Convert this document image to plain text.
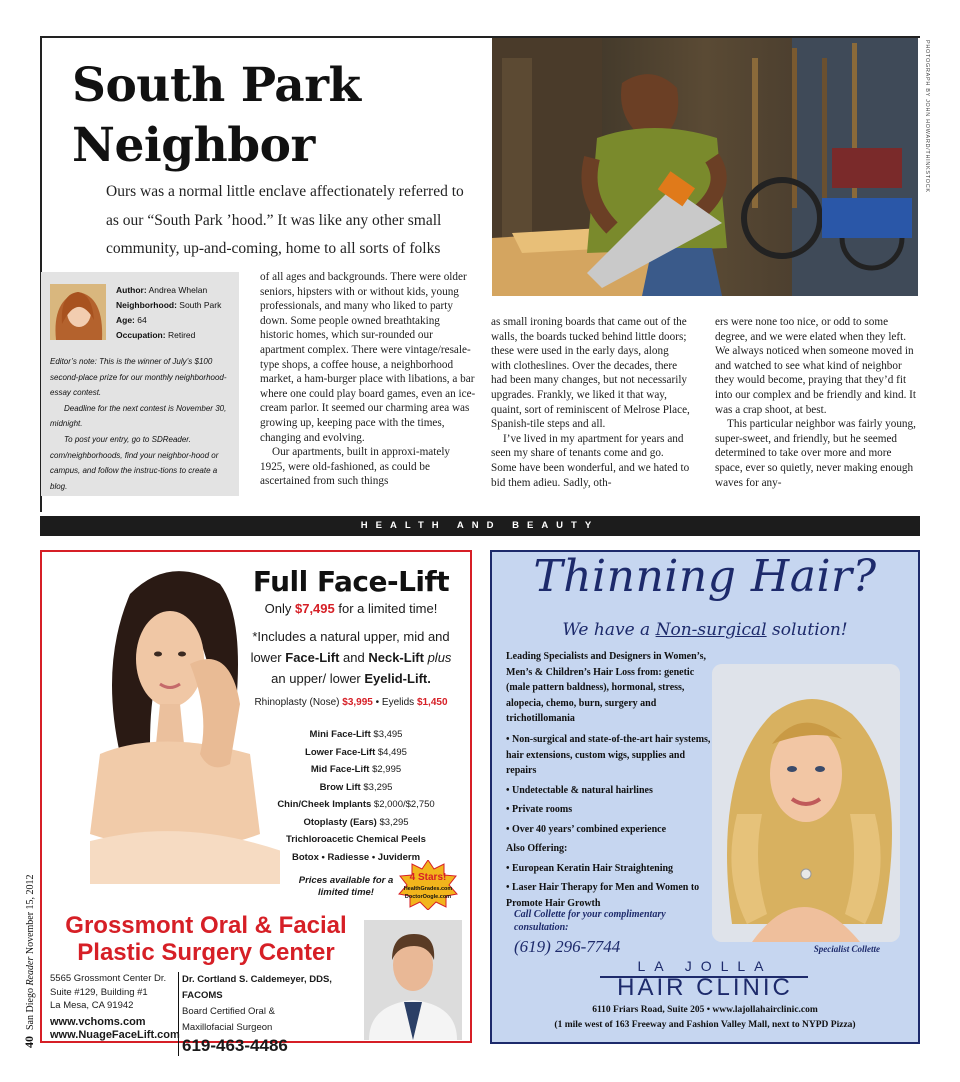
South Park
Neighbor
Ours was a normal little enclave affectionately referred to as our “South Park ’hood.” It was like any other small community, up-and-coming, home to all sorts of folks
PHOTOGRAPH BY JOHN HOWARD/THINKSTOCK
Author: Andrea Whelan
Neighborhood: South Park
Age: 64
Occupation: Retired

Editor’s note: This is the winner of July’s $100 second-place prize for our monthly neighborhood-essay contest.

Deadline for the next contest is November 30, midnight.

To post your entry, go to SDReader. com/neighborhoods, find your neighbor-hood or campus, and follow the instruc-tions to create a blog.

of all ages and backgrounds. There were older seniors, hipsters with or without kids, young professionals, and many who liked to party down. Some people owned breathtaking historic homes, which sur-rounded our apartment complex. There were vintage/resale-type shops, a coffee house, a neighborhood market, a ham-burger place with libations, a bar where one could play board games, even an ice-cream parlor. It seemed our charming area was growing up, keeping pace with the times, changing and evolving.

Our apartments, built in approxi-mately 1925, were old-fashioned, as could be ascertained from such things

as small ironing boards that came out of the walls, the boards tucked behind little doors; these were used in the early days, along with clotheslines. Over the decades, there had been many changes, but not necessarily upgrades. Frankly, we liked it that way, quaint, sort of reminiscent of Melrose Place, Spanish-tile steps and all.

I’ve lived in my apartment for years and seen my share of tenants come and go. Some have been wonderful, and we hated to bid them adieu. Sadly, oth-

ers were none too nice, or odd to some degree, and we were elated when they left. We always noticed when someone moved in and watched to see what kind of neighbor they would become, praying that they’d fit into our complex and be friendly and kind. It was a crap shoot, at best.

This particular neighbor was fairly young, super-sweet, and friendly, but he seemed determined to take over more and more space, ever so quietly, never making enough waves for any-

HEALTH AND BEAUTY
Full Face-Lift
Only $7,495 for a limited time!
*Includes a natural upper, mid and
lower Face-Lift and Neck-Lift plus
an upper/ lower Eyelid-Lift.
Rhinoplasty (Nose) $3,995 • Eyelids $1,450
Mini Face-Lift $3,495
Lower Face-Lift $4,495
Mid Face-Lift $2,995
Brow Lift $3,295
Chin/Cheek Implants $2,000/$2,750
Otoplasty (Ears) $3,295
Trichloroacetic Chemical Peels
Botox • Radiesse • Juviderm
Prices available for a limited time!
4 Stars!
HealthGrades.com
DoctorOogle.com
Grossmont Oral & Facial
Plastic Surgery Center
5565 Grossmont Center Dr.
Suite #129, Building #1
La Mesa, CA 91942
www.vchoms.com
www.NuageFaceLift.com
Dr. Cortland S. Caldemeyer, DDS, FACOMS
Board Certified Oral &
Maxillofacial Surgeon
619-463-4486
Thinning Hair?
We have a Non-surgical solution!
Leading Specialists and Designers in Women’s, Men’s & Children’s Hair Loss from: genetic (male pattern baldness), hormonal, stress, alopecia, chemo, burn, surgery and trichotillomania
• Non-surgical and state-of-the-art hair systems, hair extensions, custom wigs, supplies and repairs
• Undetectable & natural hairlines
• Private rooms
• Over 40 years’ combined experience
Also Offering:
• European Keratin Hair Straightening
• Laser Hair Therapy for Men and Women to Promote Hair Growth
Call Collette for your complimentary consultation:
(619) 296-7744	Specialist Collette
LA JOLLA
HAIR CLINIC
6110 Friars Road, Suite 205 • www.lajollahairclinic.com
(1 mile west of 163 Freeway and Fashion Valley Mall, next to NYPD Pizza)
40San Diego Reader November 15, 2012
